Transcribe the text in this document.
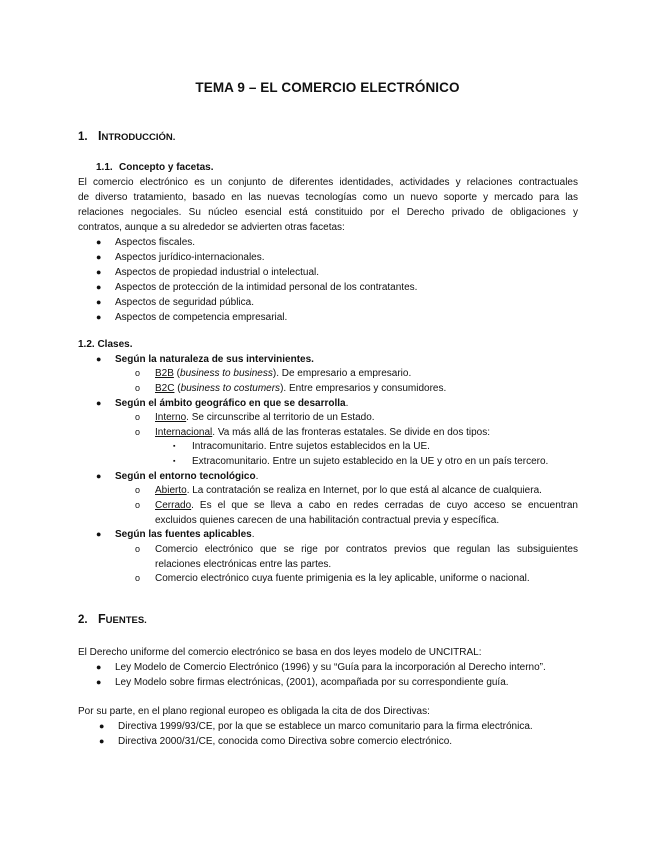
TEMA 9 – EL COMERCIO ELECTRÓNICO
1. INTRODUCCIÓN.
1.1. Concepto y facetas.
El comercio electrónico es un conjunto de diferentes identidades, actividades y relaciones contractuales
de diverso tratamiento, basado en las nuevas tecnologías como un nuevo soporte y mercado para las
relaciones negociales. Su núcleo esencial está constituido por el Derecho privado de obligaciones y
contratos, aunque a su alrededor se advierten otras facetas:
● Aspectos fiscales.
● Aspectos jurídico-internacionales.
● Aspectos de propiedad industrial o intelectual.
● Aspectos de protección de la intimidad personal de los contratantes.
● Aspectos de seguridad pública.
● Aspectos de competencia empresarial.
1.2. Clases.
● Según la naturaleza de sus intervinientes.
o B2B (business to business). De empresario a empresario.
o B2C (business to costumers). Entre empresarios y consumidores.
● Según el ámbito geográfico en que se desarrolla.
o Interno. Se circunscribe al territorio de un Estado.
o Internacional. Va más allá de las fronteras estatales. Se divide en dos tipos:
▪ Intracomunitario. Entre sujetos establecidos en la UE.
▪ Extracomunitario. Entre un sujeto establecido en la UE y otro en un país tercero.
● Según el entorno tecnológico.
o Abierto. La contratación se realiza en Internet, por lo que está al alcance de cualquiera.
o Cerrado. Es el que se lleva a cabo en redes cerradas de cuyo acceso se encuentran
excluidos quienes carecen de una habilitación contractual previa y específica.
● Según las fuentes aplicables.
o Comercio electrónico que se rige por contratos previos que regulan las subsiguientes
relaciones electrónicas entre las partes.
o Comercio electrónico cuya fuente primigenia es la ley aplicable, uniforme o nacional.
2. FUENTES.
El Derecho uniforme del comercio electrónico se basa en dos leyes modelo de UNCITRAL:
● Ley Modelo de Comercio Electrónico (1996) y su “Guía para la incorporación al Derecho interno”.
● Ley Modelo sobre firmas electrónicas, (2001), acompañada por su correspondiente guía.
Por su parte, en el plano regional europeo es obligada la cita de dos Directivas:
● Directiva 1999/93/CE, por la que se establece un marco comunitario para la firma electrónica.
● Directiva 2000/31/CE, conocida como Directiva sobre comercio electrónico.
